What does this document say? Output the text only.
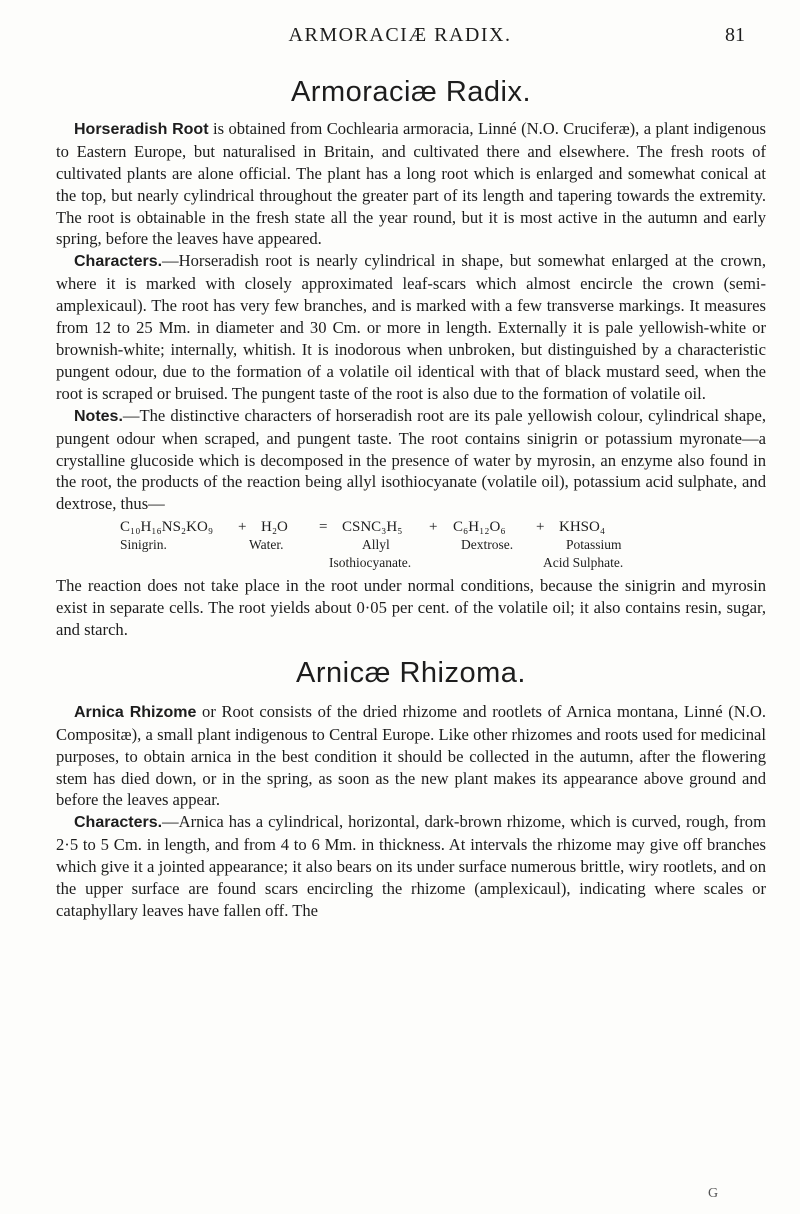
ARMORACIÆ RADIX.	81
Armoraciæ Radix.

Horseradish Root is obtained from Cochlearia armoracia, Linné (N.O. Cruciferæ), a plant indigenous to Eastern Europe, but naturalised in Britain, and cultivated there and elsewhere. The fresh roots of cultivated plants are alone official. The plant has a long root which is enlarged and somewhat conical at the top, but nearly cylindrical throughout the greater part of its length and tapering towards the extremity. The root is obtainable in the fresh state all the year round, but it is most active in the autumn and early spring, before the leaves have appeared.

Characters.—Horseradish root is nearly cylindrical in shape, but somewhat enlarged at the crown, where it is marked with closely approximated leaf-scars which almost encircle the crown (semi-amplexicaul). The root has very few branches, and is marked with a few transverse markings. It measures from 12 to 25 Mm. in diameter and 30 Cm. or more in length. Externally it is pale yellowish-white or brownish-white; internally, whitish. It is inodorous when unbroken, but distinguished by a characteristic pungent odour, due to the formation of a volatile oil identical with that of black mustard seed, when the root is scraped or bruised. The pungent taste of the root is also due to the formation of volatile oil.

Notes.—The distinctive characters of horseradish root are its pale yellowish colour, cylindrical shape, pungent odour when scraped, and pungent taste. The root contains sinigrin or potassium myronate—a crystalline glucoside which is decomposed in the presence of water by myrosin, an enzyme also found in the root, the products of the reaction being allyl isothiocyanate (volatile oil), potassium acid sulphate, and dextrose, thus—

C₁₀H₁₆NS₂KO₉ + H₂O = CSNC₃H₅ + C₆H₁₂O₆ + KHSO₄
Sinigrin.	Water.	Allyl	Dextrose.	Potassium
Isothiocyanate.	Acid Sulphate.

The reaction does not take place in the root under normal conditions, because the sinigrin and myrosin exist in separate cells. The root yields about 0·05 per cent. of the volatile oil; it also contains resin, sugar, and starch.

Arnicæ Rhizoma.

Arnica Rhizome or Root consists of the dried rhizome and rootlets of Arnica montana, Linné (N.O. Compositæ), a small plant indigenous to Central Europe. Like other rhizomes and roots used for medicinal purposes, to obtain arnica in the best condition it should be collected in the autumn, after the flowering stem has died down, or in the spring, as soon as the new plant makes its appearance above ground and before the leaves appear.

Characters.—Arnica has a cylindrical, horizontal, dark-brown rhizome, which is curved, rough, from 2·5 to 5 Cm. in length, and from 4 to 6 Mm. in thickness. At intervals the rhizome may give off branches which give it a jointed appearance; it also bears on its under surface numerous brittle, wiry rootlets, and on the upper surface are found scars encircling the rhizome (amplexicaul), indicating where scales or cataphyllary leaves have fallen off. The

G
